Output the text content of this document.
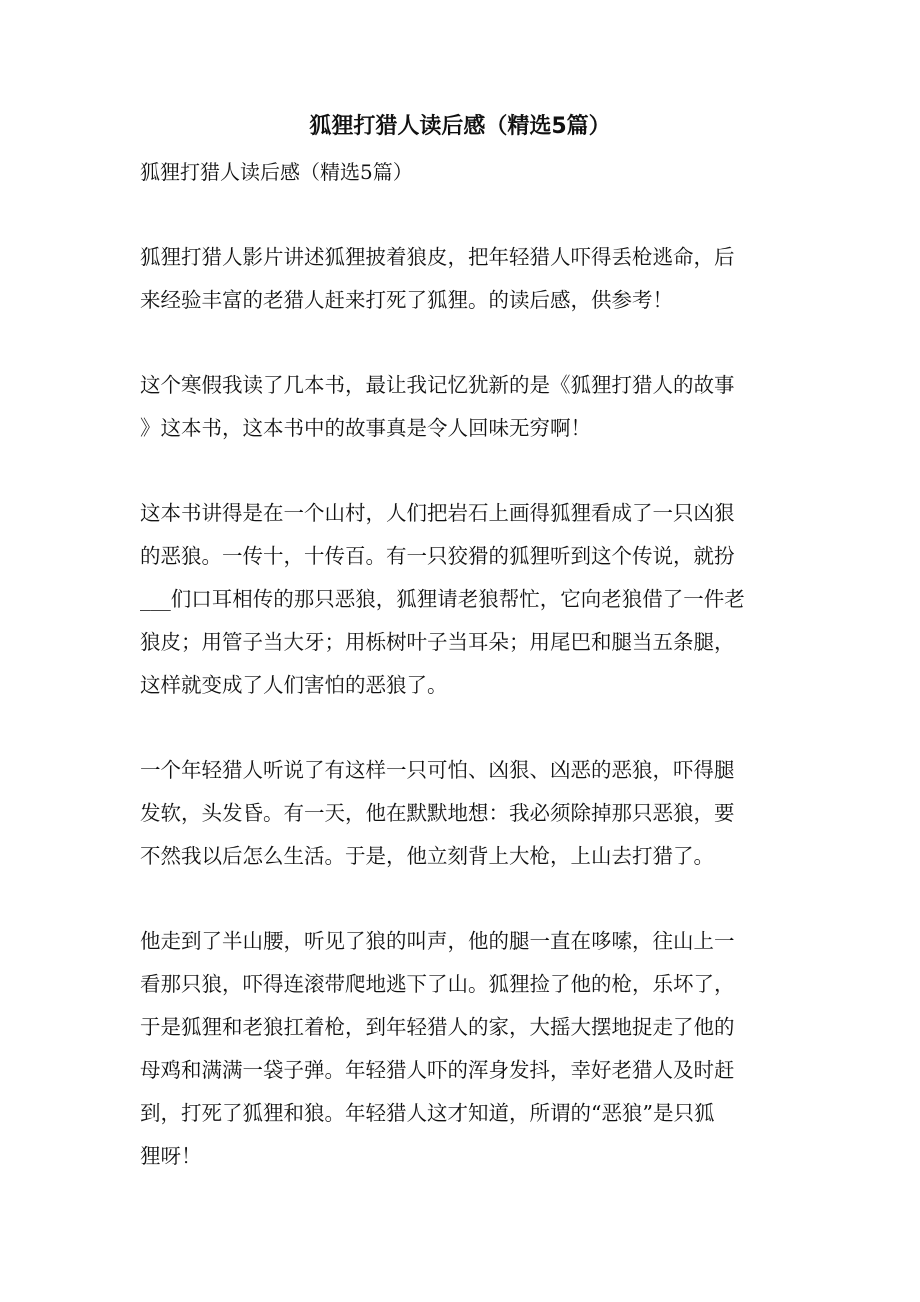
狐狸打猎人读后感（精选5篇）
狐狸打猎人读后感（精选5篇）
狐狸打猎人影片讲述狐狸披着狼皮，把年轻猎人吓得丢枪逃命，后
来经验丰富的老猎人赶来打死了狐狸。的读后感，供参考！
这个寒假我读了几本书，最让我记忆犹新的是《狐狸打猎人的故事
》这本书，这本书中的故事真是令人回味无穷啊！
这本书讲得是在一个山村，人们把岩石上画得狐狸看成了一只凶狠
的恶狼。一传十，十传百。有一只狡猾的狐狸听到这个传说，就扮
___们口耳相传的那只恶狼，狐狸请老狼帮忙，它向老狼借了一件老
狼皮；用管子当大牙；用栎树叶子当耳朵；用尾巴和腿当五条腿，
这样就变成了人们害怕的恶狼了。
一个年轻猎人听说了有这样一只可怕、凶狠、凶恶的恶狼，吓得腿
发软，头发昏。有一天，他在默默地想：我必须除掉那只恶狼，要
不然我以后怎么生活。于是，他立刻背上大枪，上山去打猎了。
他走到了半山腰，听见了狼的叫声，他的腿一直在哆嗦，往山上一
看那只狼，吓得连滚带爬地逃下了山。狐狸捡了他的枪，乐坏了，
于是狐狸和老狼扛着枪，到年轻猎人的家，大摇大摆地捉走了他的
母鸡和满满一袋子弹。年轻猎人吓的浑身发抖，幸好老猎人及时赶
到，打死了狐狸和狼。年轻猎人这才知道，所谓的“恶狼”是只狐
狸呀！
